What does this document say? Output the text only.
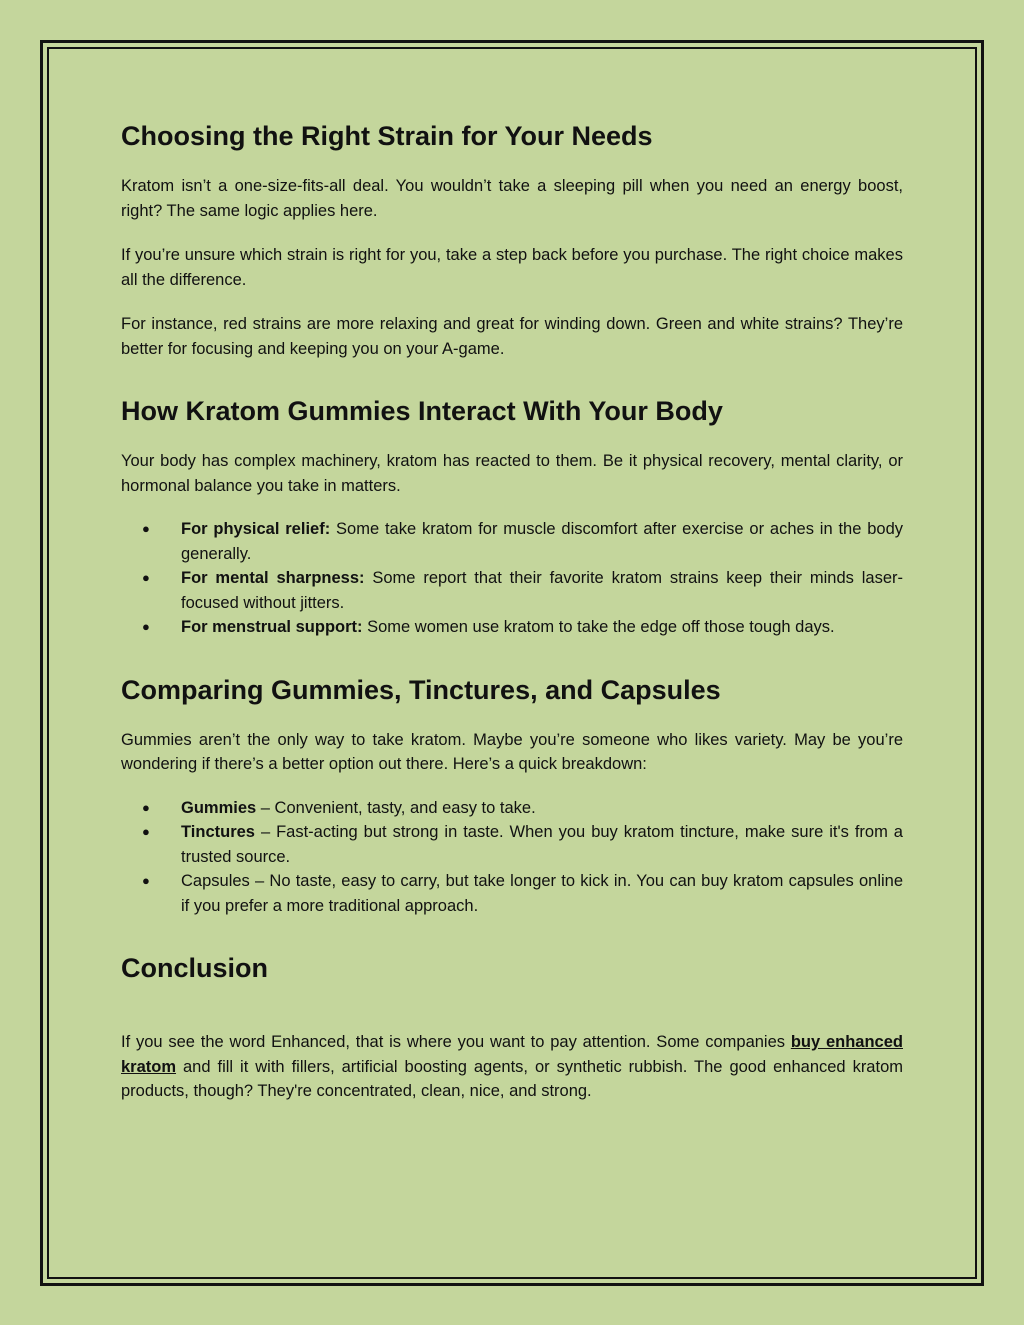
Choosing the Right Strain for Your Needs

Kratom isn’t a one-size-fits-all deal. You wouldn’t take a sleeping pill when you need an energy boost, right? The same logic applies here.

If you’re unsure which strain is right for you, take a step back before you purchase. The right choice makes all the difference.

For instance, red strains are more relaxing and great for winding down. Green and white strains? They’re better for focusing and keeping you on your A-game.

How Kratom Gummies Interact With Your Body

Your body has complex machinery, kratom has reacted to them. Be it physical recovery, mental clarity, or hormonal balance you take in matters.

● For physical relief: Some take kratom for muscle discomfort after exercise or aches in the body generally.
● For mental sharpness: Some report that their favorite kratom strains keep their minds laser-focused without jitters.
● For menstrual support: Some women use kratom to take the edge off those tough days.
Comparing Gummies, Tinctures, and Capsules

Gummies aren’t the only way to take kratom. Maybe you’re someone who likes variety. May be you’re wondering if there’s a better option out there. Here’s a quick breakdown:

● Gummies – Convenient, tasty, and easy to take.
● Tinctures – Fast-acting but strong in taste. When you buy kratom tincture, make sure it's from a trusted source.
● Capsules – No taste, easy to carry, but take longer to kick in. You can buy kratom capsules online if you prefer a more traditional approach.
Conclusion

If you see the word Enhanced, that is where you want to pay attention. Some companies buy enhanced kratom and fill it with fillers, artificial boosting agents, or synthetic rubbish. The good enhanced kratom products, though? They're concentrated, clean, nice, and strong.
